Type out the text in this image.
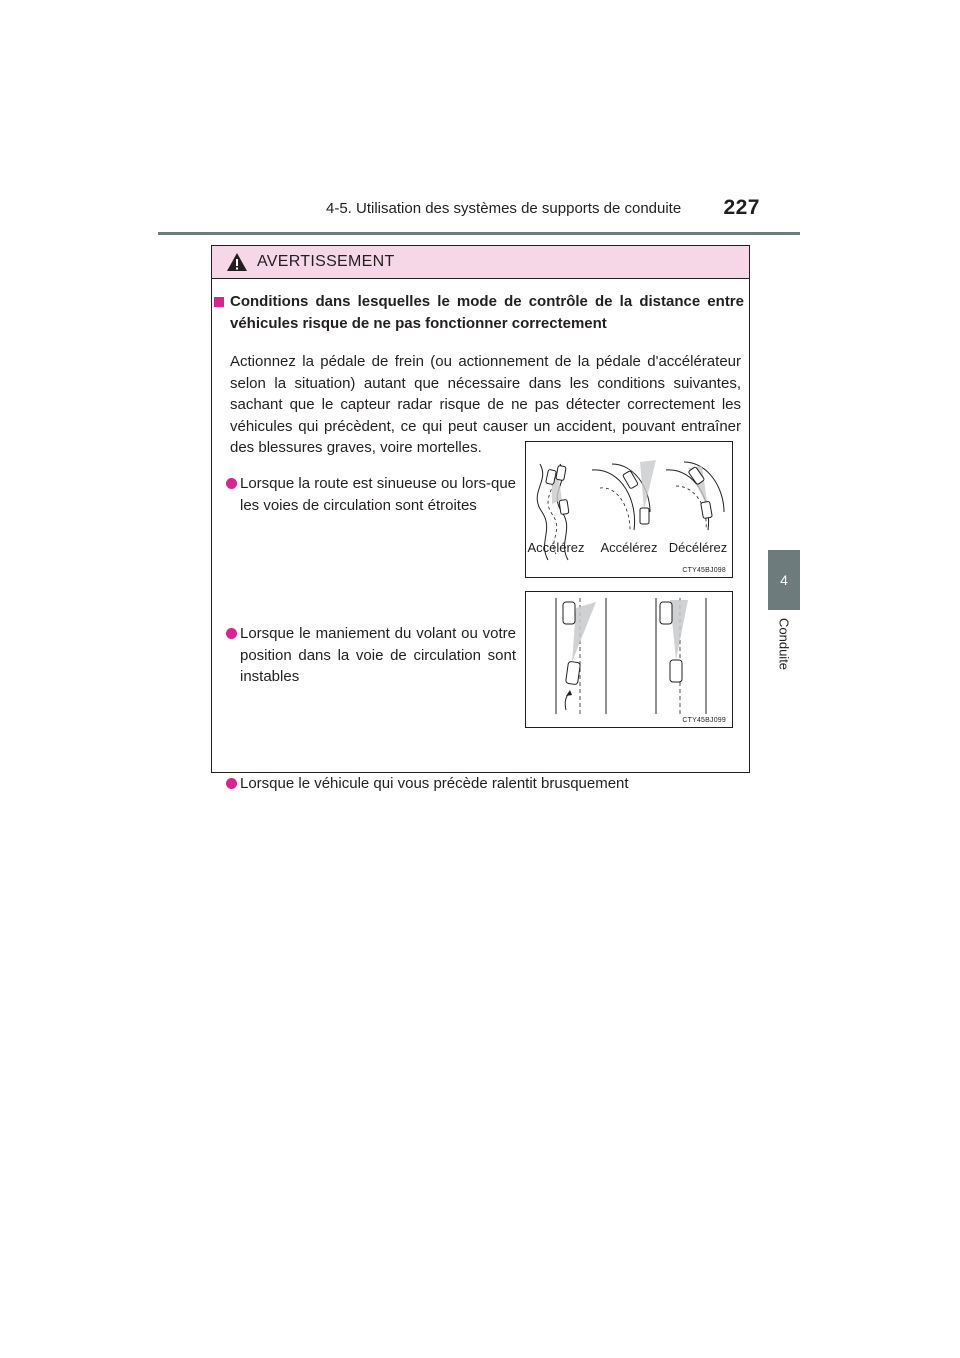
4-5. Utilisation des systèmes de supports de conduite	227
4
Conduite
AVERTISSEMENT
Conditions dans lesquelles le mode de contrôle de la distance entre véhicules risque de ne pas fonctionner correctement
Actionnez la pédale de frein (ou actionnement de la pédale d'accélérateur selon la situation) autant que nécessaire dans les conditions suivantes, sachant que le capteur radar risque de ne pas détecter correctement les véhicules qui précèdent, ce qui peut causer un accident, pouvant entraîner des blessures graves, voire mortelles.
Lorsque la route est sinueuse ou lors-que les voies de circulation sont étroites
Lorsque le maniement du volant ou votre position dans la voie de circulation sont instables
Lorsque le véhicule qui vous précède ralentit brusquement
Accélérez Accélérez Décélérez
CTY45BJ098
CTY45BJ099
